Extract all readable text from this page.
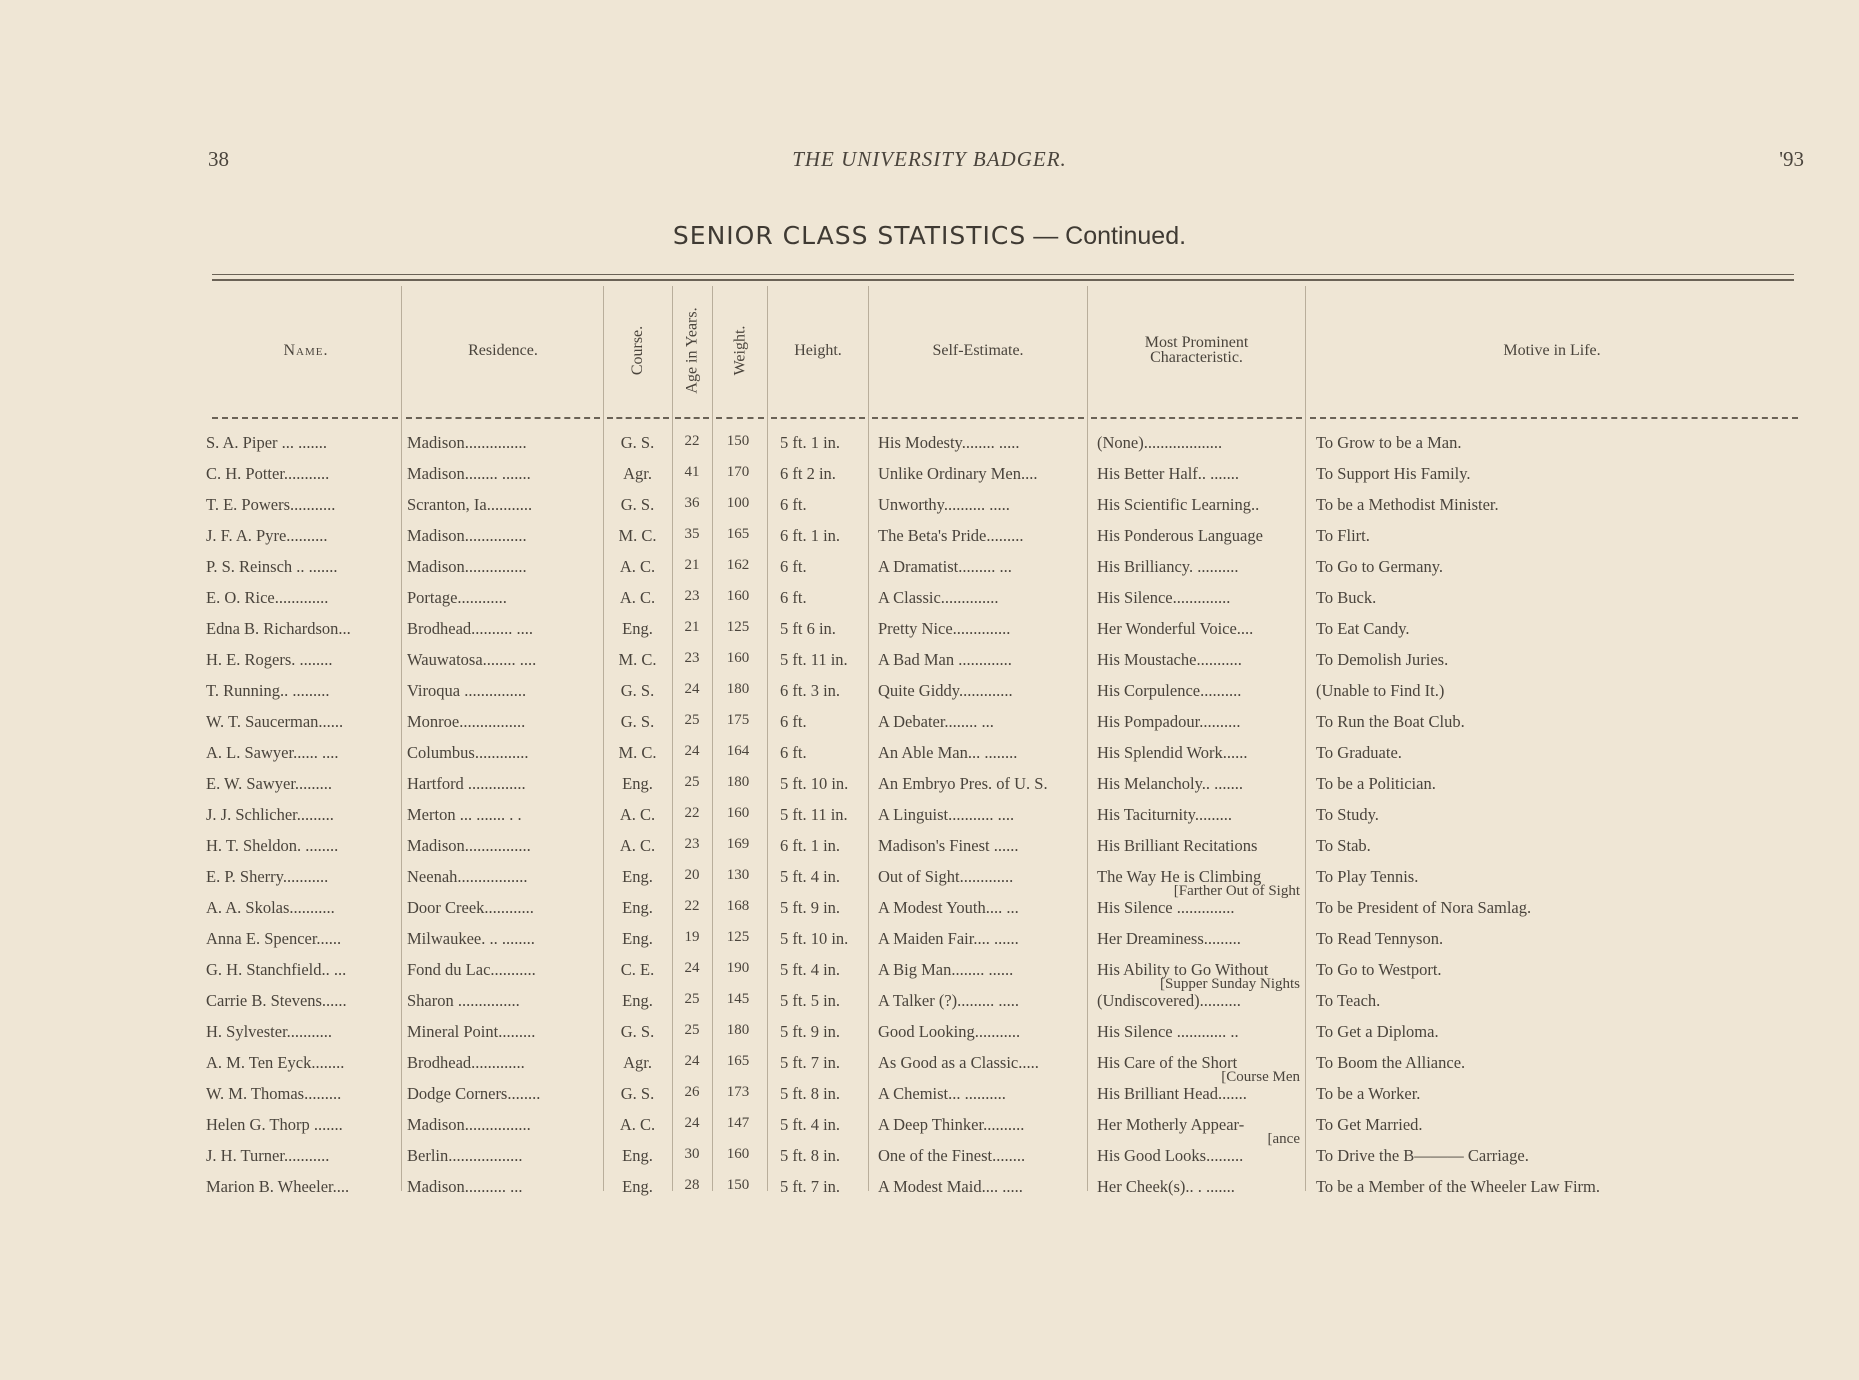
38	THE UNIVERSITY BADGER.	'93
SENIOR CLASS STATISTICS — Continued.
Name.	Residence.	Course. Age in Years. Weight.	Height.	Self-Estimate.	Most Prominent Characteristic.	Motive in Life.
S. A. Piper ... .......	Madison...............	G. S.	22	150	5 ft. 1 in.	His Modesty........ .....	(None)...................	To Grow to be a Man.
C. H. Potter...........	Madison........ .......	Agr.	41	170	6 ft 2 in.	Unlike Ordinary Men....	His Better Half.. .......	To Support His Family.
T. E. Powers...........	Scranton, Ia...........	G. S.	36	100	6 ft.	Unworthy.......... .....	His Scientific Learning..	To be a Methodist Minister.
J. F. A. Pyre..........	Madison...............	M. C.	35	165	6 ft. 1 in.	The Beta's Pride.........	His Ponderous Language	To Flirt.
P. S. Reinsch .. .......	Madison...............	A. C.	21	162	6 ft.	A Dramatist......... ...	His Brilliancy. ..........	To Go to Germany.
E. O. Rice.............	Portage............	A. C.	23	160	6 ft.	A Classic..............	His Silence..............	To Buck.
Edna B. Richardson...	Brodhead.......... ....	Eng.	21	125	5 ft 6 in.	Pretty Nice..............	Her Wonderful Voice....	To Eat Candy.
H. E. Rogers. ........	Wauwatosa........ ....	M. C.	23	160	5 ft. 11 in.	A Bad Man .............	His Moustache...........	To Demolish Juries.
T. Running.. .........	Viroqua ...............	G. S.	24	180	6 ft. 3 in.	Quite Giddy.............	His Corpulence..........	(Unable to Find It.)
W. T. Saucerman......	Monroe................	G. S.	25	175	6 ft.	A Debater........ ...	His Pompadour..........	To Run the Boat Club.
A. L. Sawyer...... ....	Columbus.............	M. C.	24	164	6 ft.	An Able Man... ........	His Splendid Work......	To Graduate.
E. W. Sawyer.........	Hartford ..............	Eng.	25	180	5 ft. 10 in.	An Embryo Pres. of U. S.	His Melancholy.. .......	To be a Politician.
J. J. Schlicher.........	Merton ... ....... . .	A. C.	22	160	5 ft. 11 in.	A Linguist........... ....	His Taciturnity.........	To Study.
H. T. Sheldon. ........	Madison................	A. C.	23	169	6 ft. 1 in.	Madison's Finest ......	His Brilliant Recitations	To Stab.
E. P. Sherry...........	Neenah.................	Eng.	20	130	5 ft. 4 in.	Out of Sight.............	The Way He is Climbing	To Play Tennis.
[Farther Out of Sight
A. A. Skolas...........	Door Creek............	Eng.	22	168	5 ft. 9 in.	A Modest Youth.... ...	His Silence ..............	To be President of Nora Samlag.
Anna E. Spencer......	Milwaukee. .. ........	Eng.	19	125	5 ft. 10 in.	A Maiden Fair.... ......	Her Dreaminess.........	To Read Tennyson.
G. H. Stanchfield.. ...	Fond du Lac...........	C. E.	24	190	5 ft. 4 in.	A Big Man........ ......	His Ability to Go Without	To Go to Westport.
[Supper Sunday Nights
Carrie B. Stevens......	Sharon ...............	Eng.	25	145	5 ft. 5 in.	A Talker (?)......... .....	(Undiscovered)..........	To Teach.
H. Sylvester...........	Mineral Point.........	G. S.	25	180	5 ft. 9 in.	Good Looking...........	His Silence ............ ..	To Get a Diploma.
A. M. Ten Eyck........	Brodhead.............	Agr.	24	165	5 ft. 7 in.	As Good as a Classic.....	His Care of the Short	To Boom the Alliance.
[Course Men
W. M. Thomas.........	Dodge Corners........	G. S.	26	173	5 ft. 8 in.	A Chemist... ..........	His Brilliant Head.......	To be a Worker.
Helen G. Thorp .......	Madison................	A. C.	24	147	5 ft. 4 in.	A Deep Thinker..........	Her Motherly Appear-	To Get Married.
[ance
J. H. Turner...........	Berlin..................	Eng.	30	160	5 ft. 8 in.	One of the Finest........	His Good Looks.........	To Drive the B——— Carriage.
Marion B. Wheeler....	Madison.......... ...	Eng.	28	150	5 ft. 7 in.	A Modest Maid.... .....	Her Cheek(s).. . .......	To be a Member of the Wheeler Law Firm.
